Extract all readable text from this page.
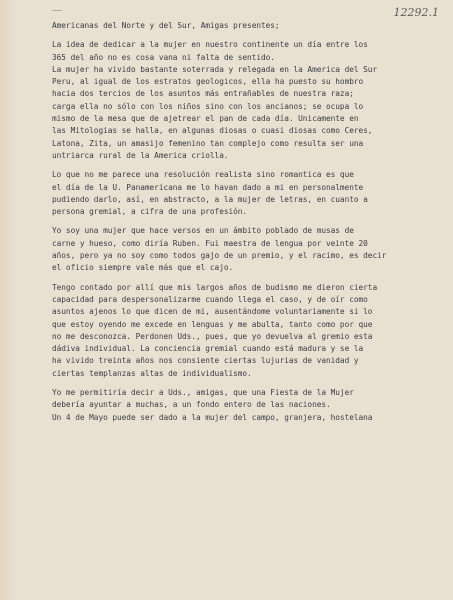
12292.1
Americanas del Norte y del Sur, Amigas presentes;
La idea de dedicar a la mujer en nuestro continente un día entre los
365 del año no es cosa vana ni falta de sentido.
La mujer ha vivido bastante soterrada y relegada en la America del Sur
Peru, al igual de los estratos geologicos, ella ha puesto su hombro
hacia dos tercios de los asuntos más entrañables de nuestra raza;
carga ella no sólo con los niños sino con los ancianos; se ocupa lo
mismo de la mesa que de ajetrear el pan de cada día. Unicamente en
las Mitologias se halla, en algunas diosas o cuasi diosas como Ceres,
Latona, Zita, un amasijo femenino tan complejo como resulta ser una
untriarca rural de la America criolla.
Lo que no me parece una resolución realista sino romantica es que
el día de la U. Panamericana me lo havan dado a mi en personalmente
pudiendo darlo, así, en abstracto, a la mujer de letras, en cuanto a
persona gremial, a cifra de una profesión.
Yo soy una mujer que hace versos en un ámbito poblado de musas de
carne y hueso, como diría Ruben. Fui maestra de lengua por veinte 20
años, pero ya no soy como todos gajo de un premio, y el racimo, es decir
el oficio siempre vale más que el cajo.
Tengo contado por allí que mis largos años de budismo me dieron cierta
capacidad para despersonalizarme cuando llega el caso, y de oír como
asuntos ajenos lo que dicen de mi, ausentándome voluntariamente si lo
que estoy oyendo me excede en lenguas y me abulta, tanto como por que
no me desconozca. Perdonen Uds., pues, que yo devuelva al gremio esta
dádiva individual. La conciencia gremial cuando está madura y se la
ha vivido treinta años nos consiente ciertas lujurias de vanidad y
ciertas templanzas altas de individualismo.
Yo me permitiría decir a Uds., amigas, que una Fiesta de la Mujer
debería ayuntar a muchas, a un fondo entero de las naciones.
Un 4 de Mayo puede ser dado a la mujer del campo, granjera, hostelana
